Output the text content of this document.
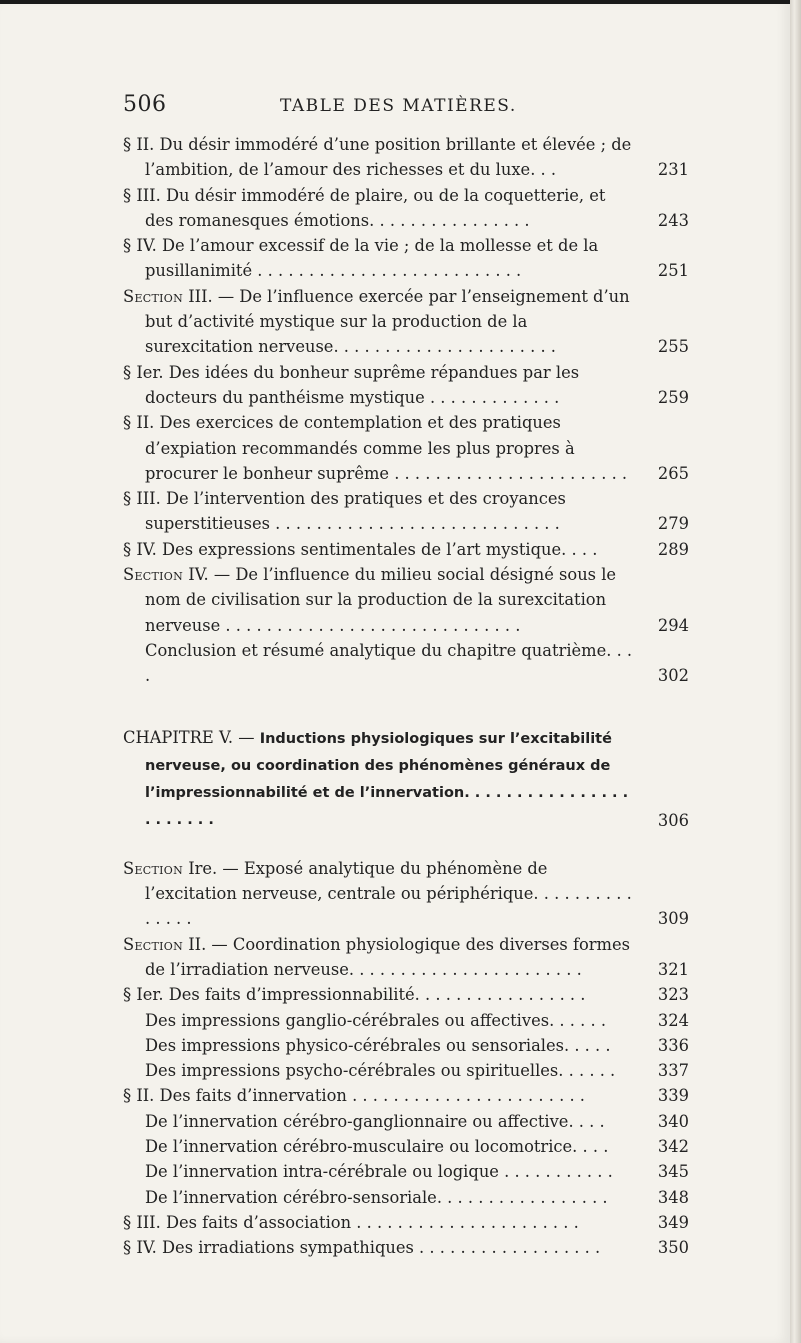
506	TABLE DES MATIÈRES.
§ II. Du désir immodéré d’une position brillante et élevée ; de l’ambition, de l’amour des richesses et du luxe. . .	231
§ III. Du désir immodéré de plaire, ou de la coquetterie, et des romanesques émotions. . . . . . . . . . . . . . . .	243
§ IV. De l’amour excessif de la vie ; de la mollesse et de la pusillanimité . . . . . . . . . . . . . . . . . . . . . . . . . .	251
Section III. — De l’influence exercée par l’enseignement d’un but d’activité mystique sur la production de la surexcitation nerveuse. . . . . . . . . . . . . . . . . . . . . .	255
§ Ier. Des idées du bonheur suprême répandues par les docteurs du panthéisme mystique . . . . . . . . . . . . .	259
§ II. Des exercices de contemplation et des pratiques d’expiation recommandés comme les plus propres à procurer le bonheur suprême . . . . . . . . . . . . . . . . . . . . . . .	265
§ III. De l’intervention des pratiques et des croyances superstitieuses . . . . . . . . . . . . . . . . . . . . . . . . . . . .	279
§ IV. Des expressions sentimentales de l’art mystique. . . .	289
Section IV. — De l’influence du milieu social désigné sous le nom de civilisation sur la production de la surexcitation nerveuse . . . . . . . . . . . . . . . . . . . . . . . . . . . . .	294
Conclusion et résumé analytique du chapitre quatrième. . . .	302
CHAPITRE V. — Inductions physiologiques sur l’excitabilité nerveuse, ou coordination des phénomènes généraux de l’impressionnabilité et de l’innervation. . . . . . . . . . . . . . . . . . . . . . .	306
Section Ire. — Exposé analytique du phénomène de l’excitation nerveuse, centrale ou périphérique. . . . . . . . . . . . . . .	309
Section II. — Coordination physiologique des diverses formes de l’irradiation nerveuse. . . . . . . . . . . . . . . . . . . . . . .	321
§ Ier. Des faits d’impressionnabilité. . . . . . . . . . . . . . . . .	323
Des impressions ganglio-cérébrales ou affectives. . . . . .	324
Des impressions physico-cérébrales ou sensoriales. . . . .	336
Des impressions psycho-cérébrales ou spirituelles. . . . . .	337
§ II. Des faits d’innervation . . . . . . . . . . . . . . . . . . . . . . .	339
De l’innervation cérébro-ganglionnaire ou affective. . . .	340
De l’innervation cérébro-musculaire ou locomotrice. . . .	342
De l’innervation intra-cérébrale ou logique . . . . . . . . . . .	345
De l’innervation cérébro-sensoriale. . . . . . . . . . . . . . . . .	348
§ III. Des faits d’association . . . . . . . . . . . . . . . . . . . . . .	349
§ IV. Des irradiations sympathiques . . . . . . . . . . . . . . . . . .	350
